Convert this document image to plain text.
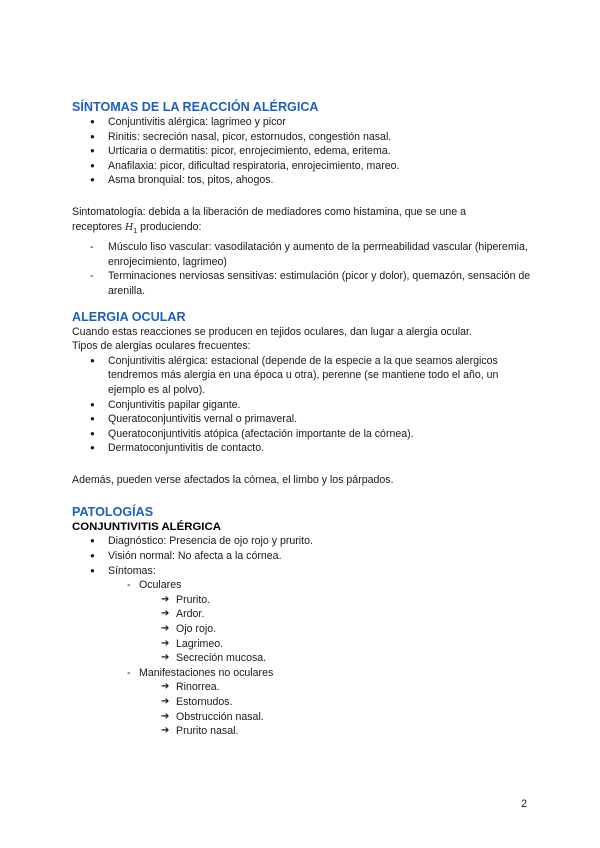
SÍNTOMAS DE LA REACCIÓN ALÉRGICA
● Conjuntivitis alérgica: lagrimeo y picor
● Rinitis: secreción nasal, picor, estornudos, congestión nasal.
● Urticaria o dermatitis: picor, enrojecimiento, edema, eritema.
● Anafilaxia: picor, dificultad respiratoria, enrojecimiento, mareo.
● Asma bronquial: tos, pitos, ahogos.

Sintomatología: debida a la liberación de mediadores como histamina, que se une a
receptores $H_1$ produciendo:

- Músculo liso vascular: vasodilatación y aumento de la permeabilidad vascular (hiperemia, enrojecimiento, lagrimeo)
- Terminaciones nerviosas sensitivas: estimulación (picor y dolor), quemazón, sensación de arenilla.
ALERGIA OCULAR

Cuando estas reacciones se producen en tejidos oculares, dan lugar a alergia ocular.

Tipos de alergias oculares frecuentes:

● Conjuntivitis alérgica: estacional (depende de la especie a la que seamos alergicos tendremos más alergia en una época u otra), perenne (se mantiene todo el año, un ejemplo es al polvo).
● Conjuntivitis papilar gigante.
● Queratoconjuntivitis vernal o primaveral.
● Queratoconjuntivitis atópica (afectación importante de la córnea).
● Dermatoconjuntivitis de contacto.

Además, pueden verse afectados la córnea, el limbo y los párpados.

PATOLOGÍAS
CONJUNTIVITIS ALÉRGICA
● Diagnóstico: Presencia de ojo rojo y prurito.
● Visión normal: No afecta a la córnea.
● Síntomas:
- Oculares
➔ Prurito.
➔ Ardor.
➔ Ojo rojo.
➔ Lagrimeo.
➔ Secreción mucosa.
- Manifestaciones no oculares
➔ Rinorrea.
➔ Estornudos.
➔ Obstrucción nasal.
➔ Prurito nasal.
2
